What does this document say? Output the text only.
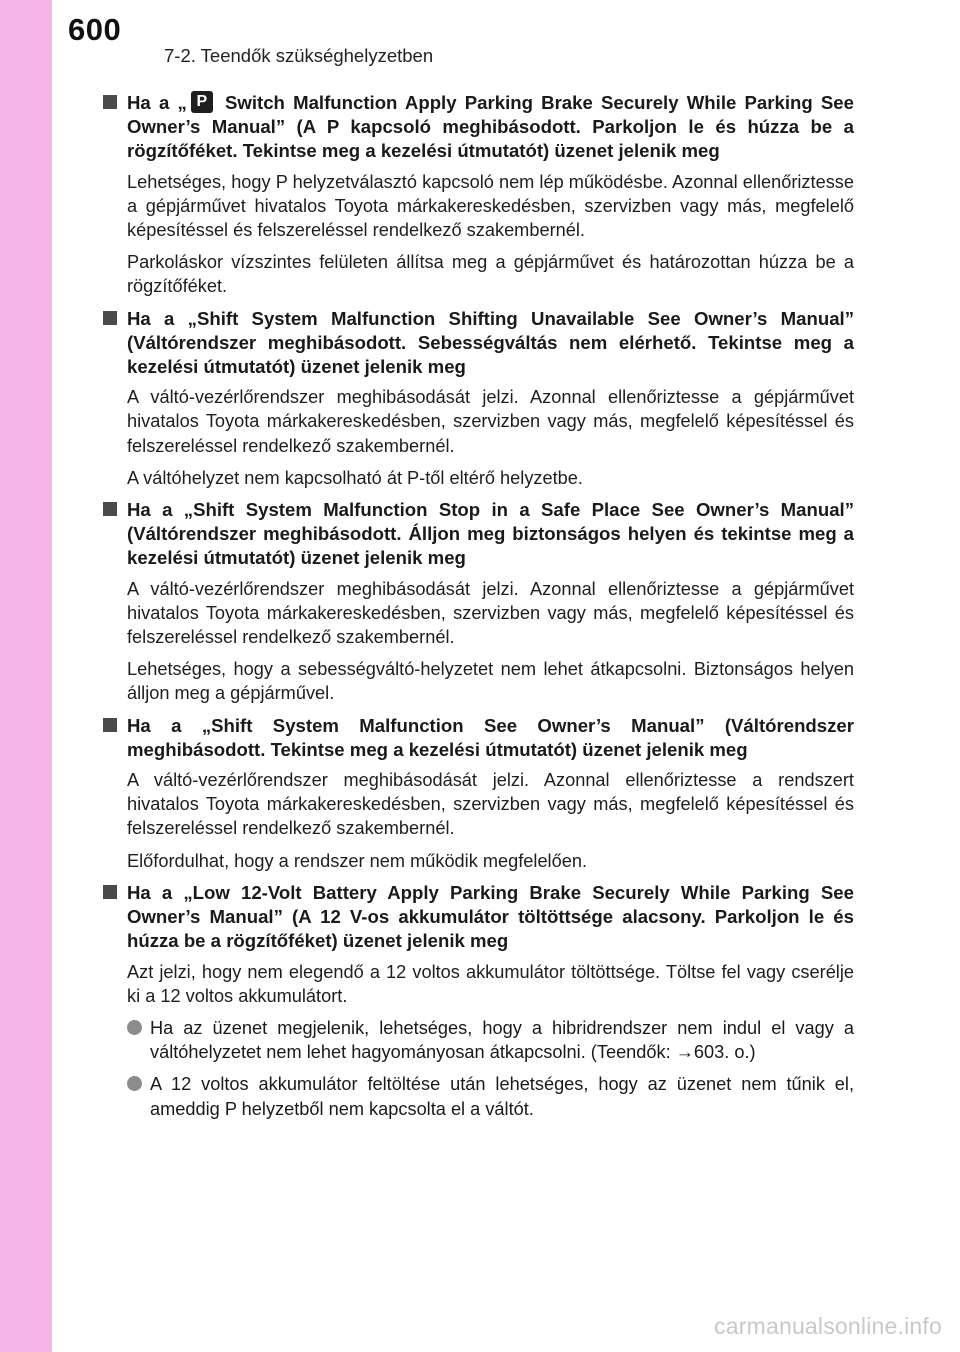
600
7-2. Teendők szükséghelyzetben
Ha a „ P Switch Malfunction Apply Parking Brake Securely While Parking See Owner’s Manual” (A P kapcsoló meghibásodott. Parkoljon le és húzza be a rögzítőféket. Tekintse meg a kezelési útmutatót) üzenet jelenik meg
Lehetséges, hogy P helyzetválasztó kapcsoló nem lép működésbe. Azonnal ellenőriztesse a gépjárművet hivatalos Toyota márkakereskedésben, szervizben vagy más, megfelelő képesítéssel és felszereléssel rendelkező szakembernél.
Parkoláskor vízszintes felületen állítsa meg a gépjárművet és határozottan húzza be a rögzítőféket.
Ha a „Shift System Malfunction Shifting Unavailable See Owner’s Manual” (Váltórendszer meghibásodott. Sebességváltás nem elérhető. Tekintse meg a kezelési útmutatót) üzenet jelenik meg
A váltó-vezérlőrendszer meghibásodását jelzi. Azonnal ellenőriztesse a gépjárművet hivatalos Toyota márkakereskedésben, szervizben vagy más, megfelelő képesítéssel és felszereléssel rendelkező szakembernél.
A váltóhelyzet nem kapcsolható át P-től eltérő helyzetbe.
Ha a „Shift System Malfunction Stop in a Safe Place See Owner’s Manual” (Váltórendszer meghibásodott. Álljon meg biztonságos helyen és tekintse meg a kezelési útmutatót) üzenet jelenik meg
A váltó-vezérlőrendszer meghibásodását jelzi. Azonnal ellenőriztesse a gépjárművet hivatalos Toyota márkakereskedésben, szervizben vagy más, megfelelő képesítéssel és felszereléssel rendelkező szakembernél.
Lehetséges, hogy a sebességváltó-helyzetet nem lehet átkapcsolni. Biztonságos helyen álljon meg a gépjárművel.
Ha a „Shift System Malfunction See Owner’s Manual” (Váltórendszer meghibásodott. Tekintse meg a kezelési útmutatót) üzenet jelenik meg
A váltó-vezérlőrendszer meghibásodását jelzi. Azonnal ellenőriztesse a rendszert hivatalos Toyota márkakereskedésben, szervizben vagy más, megfelelő képesítéssel és felszereléssel rendelkező szakembernél.
Előfordulhat, hogy a rendszer nem működik megfelelően.
Ha a „Low 12-Volt Battery Apply Parking Brake Securely While Parking See Owner’s Manual” (A 12 V-os akkumulátor töltöttsége alacsony. Parkoljon le és húzza be a rögzítőféket) üzenet jelenik meg
Azt jelzi, hogy nem elegendő a 12 voltos akkumulátor töltöttsége. Töltse fel vagy cserélje ki a 12 voltos akkumulátort.
Ha az üzenet megjelenik, lehetséges, hogy a hibridrendszer nem indul el vagy a váltóhelyzetet nem lehet hagyományosan átkapcsolni. (Teendők: →603. o.)
A 12 voltos akkumulátor feltöltése után lehetséges, hogy az üzenet nem tűnik el, ameddig P helyzetből nem kapcsolta el a váltót.
carmanualsonline.info
